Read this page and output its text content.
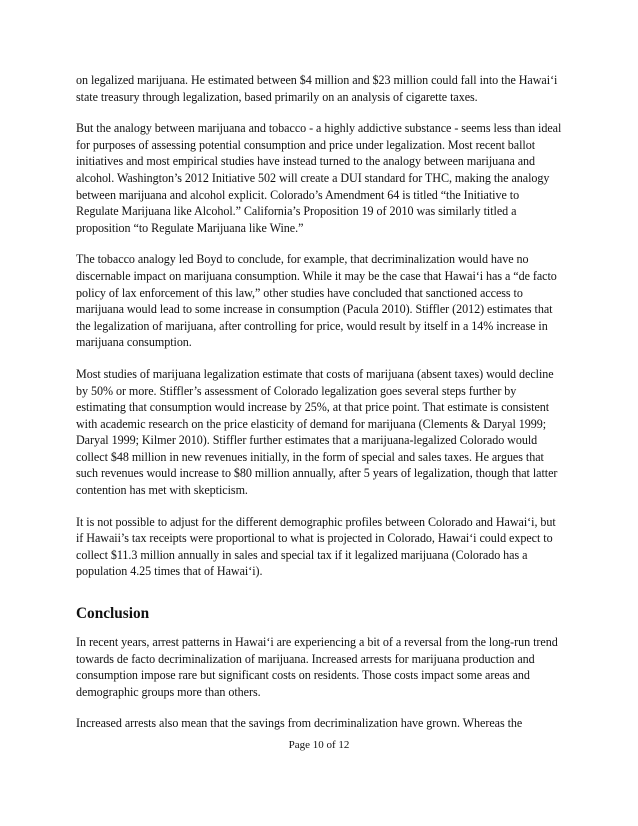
on legalized marijuana. He estimated between $4 million and $23 million could fall into the Hawai‘i state treasury through legalization, based primarily on an analysis of cigarette taxes.

But the analogy between marijuana and tobacco - a highly addictive substance - seems less than ideal for purposes of assessing potential consumption and price under legalization. Most recent ballot initiatives and most empirical studies have instead turned to the analogy between marijuana and alcohol. Washington’s 2012 Initiative 502 will create a DUI standard for THC, making the analogy between marijuana and alcohol explicit. Colorado’s Amendment 64 is titled “the Initiative to Regulate Marijuana like Alcohol.” California’s Proposition 19 of 2010 was similarly titled a proposition “to Regulate Marijuana like Wine.”

The tobacco analogy led Boyd to conclude, for example, that decriminalization would have no discernable impact on marijuana consumption. While it may be the case that Hawai‘i has a “de facto policy of lax enforcement of this law,” other studies have concluded that sanctioned access to marijuana would lead to some increase in consumption (Pacula 2010). Stiffler (2012) estimates that the legalization of marijuana, after controlling for price, would result by itself in a 14% increase in marijuana consumption.

Most studies of marijuana legalization estimate that costs of marijuana (absent taxes) would decline by 50% or more. Stiffler’s assessment of Colorado legalization goes several steps further by estimating that consumption would increase by 25%, at that price point. That estimate is consistent with academic research on the price elasticity of demand for marijuana (Clements & Daryal 1999; Daryal 1999; Kilmer 2010). Stiffler further estimates that a marijuana-legalized Colorado would collect $48 million in new revenues initially, in the form of special and sales taxes. He argues that such revenues would increase to $80 million annually, after 5 years of legalization, though that latter contention has met with skepticism.

It is not possible to adjust for the different demographic profiles between Colorado and Hawai‘i, but if Hawaii’s tax receipts were proportional to what is projected in Colorado, Hawai‘i could expect to collect $11.3 million annually in sales and special tax if it legalized marijuana (Colorado has a population 4.25 times that of Hawai‘i).

Conclusion

In recent years, arrest patterns in Hawai‘i are experiencing a bit of a reversal from the long-run trend towards de facto decriminalization of marijuana. Increased arrests for marijuana production and consumption impose rare but significant costs on residents. Those costs impact some areas and demographic groups more than others.

Increased arrests also mean that the savings from decriminalization have grown. Whereas the

Page 10 of 12
